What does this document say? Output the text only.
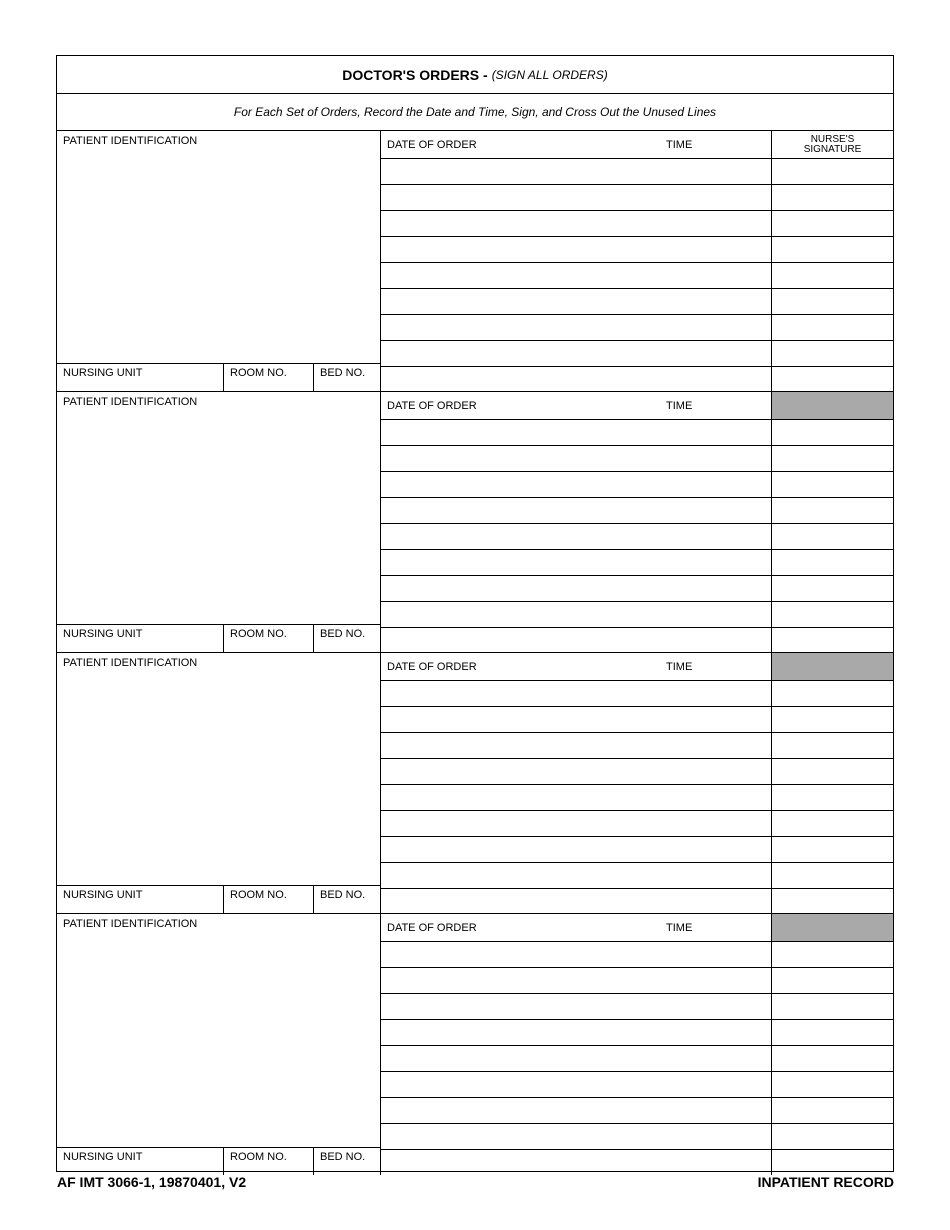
DOCTOR'S ORDERS - (SIGN ALL ORDERS)
For Each Set of Orders, Record the Date and Time, Sign, and Cross Out the Unused Lines
PATIENT IDENTIFICATION
NURSING UNIT	ROOM NO.	BED NO.
DATE OF ORDER	TIME	NURSE'S
SIGNATURE
PATIENT IDENTIFICATION
NURSING UNIT	ROOM NO.	BED NO.
DATE OF ORDER	TIME
PATIENT IDENTIFICATION
NURSING UNIT	ROOM NO.	BED NO.
DATE OF ORDER	TIME
PATIENT IDENTIFICATION
NURSING UNIT	ROOM NO.	BED NO.
DATE OF ORDER	TIME
AF IMT 3066-1, 19870401, V2	INPATIENT RECORD
